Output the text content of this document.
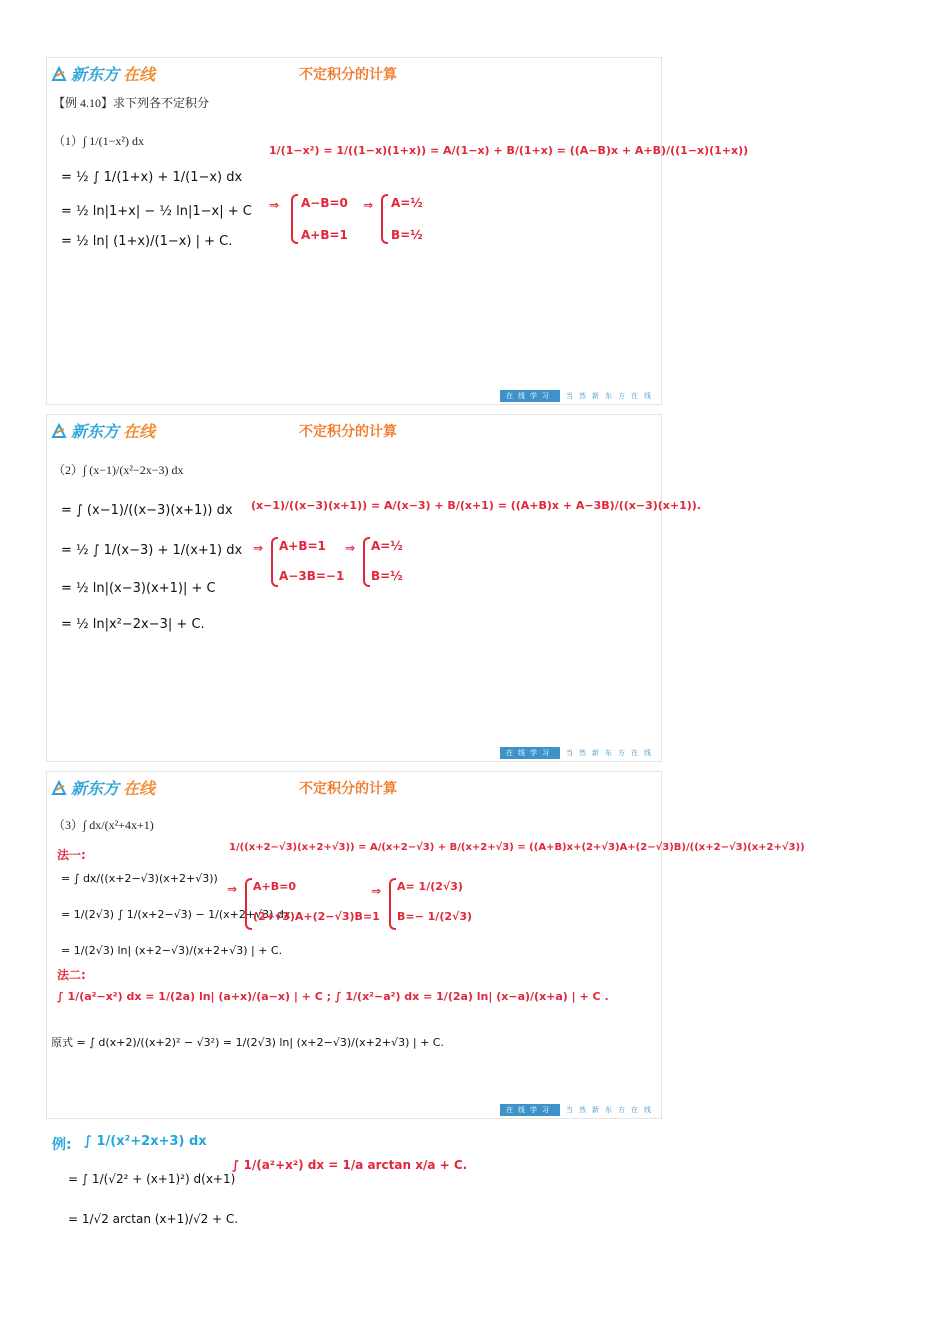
新东方 在线	不定积分的计算
【例 4.10】求下列各不定积分
（1）∫ 1/(1−x²) dx
= ½ ∫ 1/(1+x) + 1/(1−x) dx
= ½ ln|1+x| − ½ ln|1−x| + C
= ½ ln| (1+x)/(1−x) | + C.
1/(1−x²) = 1/((1−x)(1+x)) = A/(1−x) + B/(1+x) = ((A−B)x + A+B)/((1−x)(1+x))
⇒ A−B=0
A+B=1
⇒ A=½
B=½
在线学习	当然新东方在线
新东方 在线	不定积分的计算
（2）∫ (x−1)/(x²−2x−3) dx
= ∫ (x−1)/((x−3)(x+1)) dx
= ½ ∫ 1/(x−3) + 1/(x+1) dx
= ½ ln|(x−3)(x+1)| + C
= ½ ln|x²−2x−3| + C.
(x−1)/((x−3)(x+1)) = A/(x−3) + B/(x+1) = ((A+B)x + A−3B)/((x−3)(x+1)).
⇒ A+B=1
A−3B=−1
⇒ A=½
B=½
在线学习	当然新东方在线
新东方 在线	不定积分的计算
（3）∫ dx/(x²+4x+1)
法一:
= ∫ dx/((x+2−√3)(x+2+√3))
= 1/(2√3) ∫ 1/(x+2−√3) − 1/(x+2+√3) dx
= 1/(2√3) ln| (x+2−√3)/(x+2+√3) | + C.
1/((x+2−√3)(x+2+√3)) = A/(x+2−√3) + B/(x+2+√3) = ((A+B)x+(2+√3)A+(2−√3)B)/((x+2−√3)(x+2+√3))
⇒ A+B=0
(2+√3)A+(2−√3)B=1
⇒ A= 1/(2√3)
B=− 1/(2√3)
法二:
∫ 1/(a²−x²) dx = 1/(2a) ln| (a+x)/(a−x) | + C ; ∫ 1/(x²−a²) dx = 1/(2a) ln| (x−a)/(x+a) | + C .
原式 = ∫ d(x+2)/((x+2)² − √3²) = 1/(2√3) ln| (x+2−√3)/(x+2+√3) | + C.
在线学习	当然新东方在线
例: ∫ 1/(x²+2x+3) dx
= ∫ 1/(√2² + (x+1)²) d(x+1)
= 1/√2 arctan (x+1)/√2 + C.
∫ 1/(a²+x²) dx = 1/a arctan x/a + C.
